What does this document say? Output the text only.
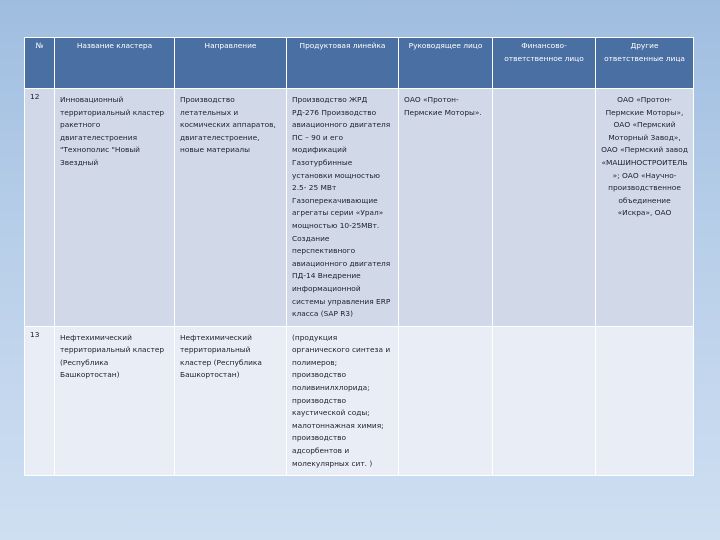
№	Название кластера	Направление	Продуктовая линейка	Руководящее лицо	Финансово-ответственное лицо	Другие ответственные лица
12	Инновационный территориальный кластер ракетного двигателестроения "Технополис "Новый Звездный	Производство летательных и космических аппаратов, двигателестроение, новые материалы	Производство ЖРД РД-276 Производство авиационного двигателя ПС – 90 и его модификаций Газотурбинные установки мощностью 2.5- 25 МВт Газоперекачивающие агрегаты серии «Урал» мощностью 10-25МВт. Создание перспективного авиационного двигателя ПД-14 Внедрение информационной системы управления ERP класса (SAP R3)	ОАО «Протон-Пермские Моторы».		ОАО «Протон-Пермские Моторы», ОАО «Пермский Моторный Завод», ОАО «Пермский завод «МАШИНОСТРОИТЕЛЬ»; ОАО «Научно-производственное объединение «Искра», ОАО
13	Нефтехимический территориальный кластер (Республика Башкортостан)	Нефтехимический территориальный кластер (Республика Башкортостан)	(продукция органического синтеза и полимеров; производство поливинилхлорида; производство каустической соды; малотоннажная химия; производство адсорбентов и молекулярных сит. )			
